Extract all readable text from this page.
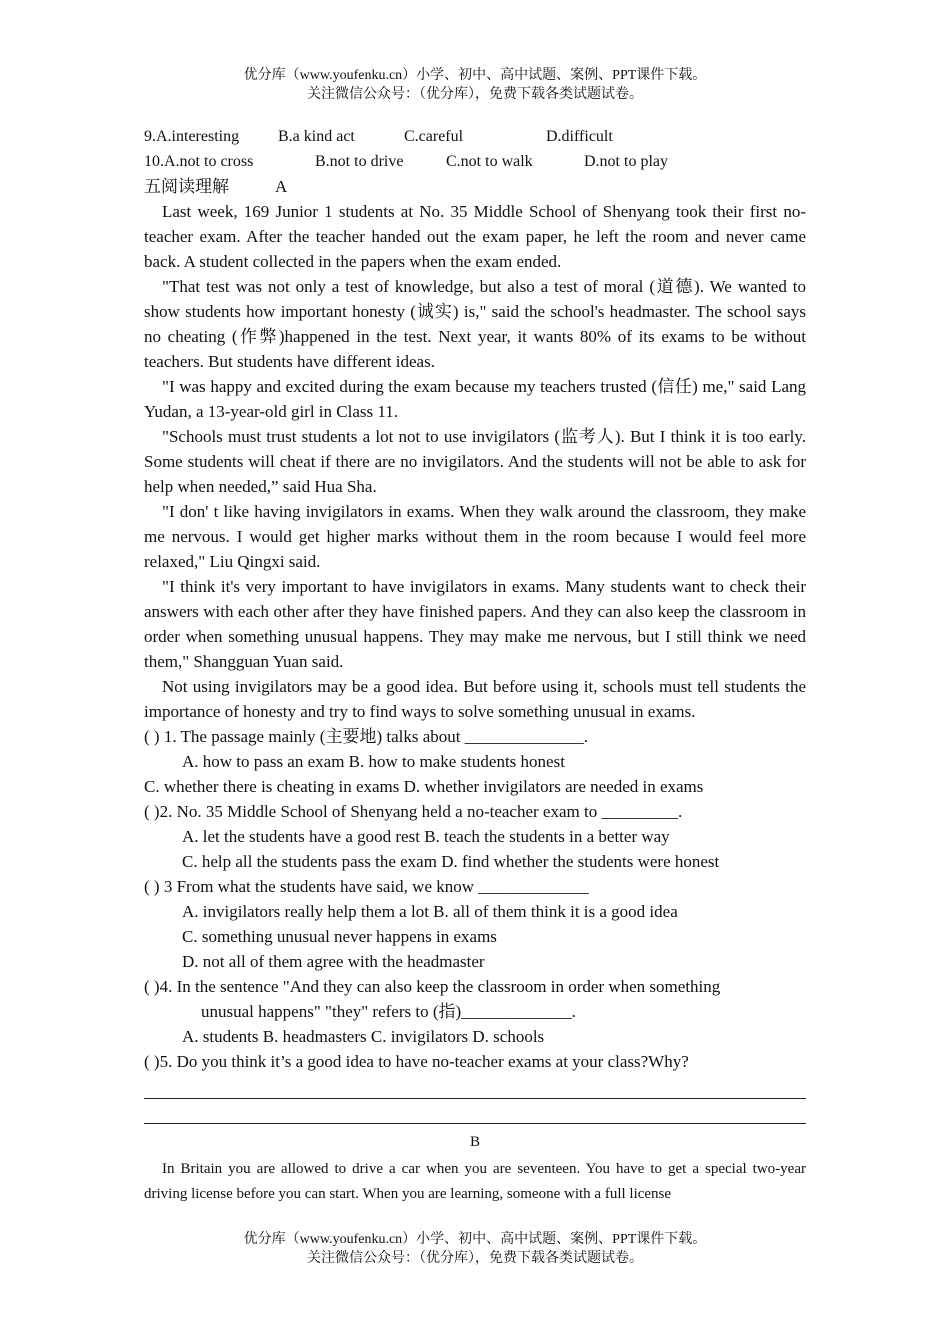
优分库（www.youfenku.cn）小学、初中、高中试题、案例、PPT课件下载。
关注微信公众号：（优分库），免费下载各类试题试卷。
9.A.interesting B.a kind act	C.careful	D.difficult
10.A.not to cross	B.not to drive	C.not to walk	D.not to play
五阅读理解	A

Last week, 169 Junior 1 students at No. 35 Middle School of Shenyang took their first no-teacher exam. After the teacher handed out the exam paper, he left the room and never came back. A student collected in the papers when the exam ended.

"That test was not only a test of knowledge, but also a test of moral (道德). We wanted to show students how important honesty (诚实) is," said the school's headmaster. The school says no cheating (作弊)happened in the test. Next year, it wants 80% of its exams to be without teachers. But students have different ideas.

"I was happy and excited during the exam because my teachers trusted (信任) me," said Lang Yudan, a 13-year-old girl in Class 11.

"Schools must trust students a lot not to use invigilators (监考人). But I think it is too early. Some students will cheat if there are no invigilators. And the students will not be able to ask for help when needed,” said Hua Sha.

"I don' t like having invigilators in exams. When they walk around the classroom, they make me nervous. I would get higher marks without them in the room because I would feel more relaxed," Liu Qingxi said.

"I think it's very important to have invigilators in exams. Many students want to check their answers with each other after they have finished papers. And they can also keep the classroom in order when something unusual happens. They may make me nervous, but I still think we need them," Shangguan Yuan said.

Not using invigilators may be a good idea. But before using it, schools must tell students the importance of honesty and try to find ways to solve something unusual in exams.

( ) 1. The passage mainly (主要地) talks about ______________.
A. how to pass an exam B. how to make students honest
C. whether there is cheating in exams D. whether invigilators are needed in exams
( )2. No. 35 Middle School of Shenyang held a no-teacher exam to _________.
A. let the students have a good rest B. teach the students in a better way
C. help all the students pass the exam D. find whether the students were honest
( ) 3 From what the students have said, we know _____________
A. invigilators really help them a lot B. all of them think it is a good idea
C. something unusual never happens in exams
D. not all of them agree with the headmaster
( )4. In the sentence "And they can also keep the classroom in order when something
unusual happens" "they" refers to (指)_____________.
A. students B. headmasters C. invigilators D. schools
( )5. Do you think it’s a good idea to have no-teacher exams at your class?Why?
B

In Britain you are allowed to drive a car when you are seventeen. You have to get a special two-year driving license before you can start. When you are learning, someone with a full license

优分库（www.youfenku.cn）小学、初中、高中试题、案例、PPT课件下载。
关注微信公众号：（优分库），免费下载各类试题试卷。
